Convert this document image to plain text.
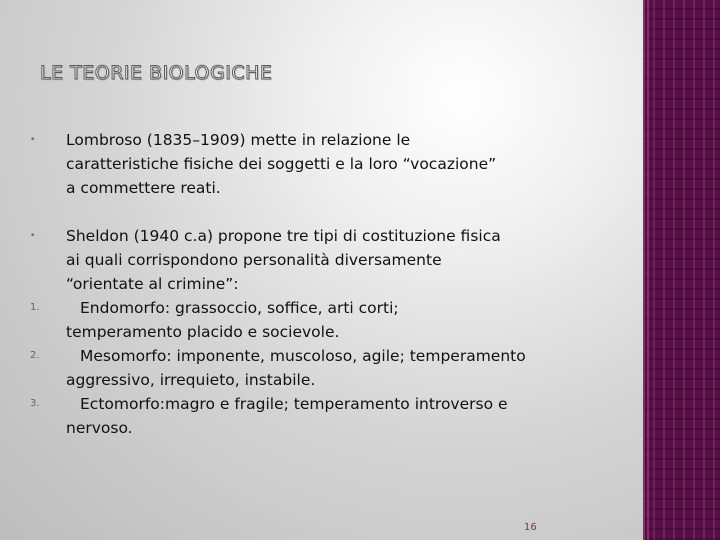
LE TEORIE BIOLOGICHE
•	Lombroso (1835–1909) mette in relazione le
caratteristiche fisiche dei soggetti e la loro “vocazione”
a commettere reati.
•	Sheldon (1940 c.a) propone tre tipi di costituzione fisica
ai quali corrispondono personalità diversamente
“orientate al crimine”:
1.	Endomorfo: grassoccio, soffice, arti corti;
temperamento placido e socievole.
2.	Mesomorfo: imponente, muscoloso, agile; temperamento
aggressivo, irrequieto, instabile.
3.	Ectomorfo:magro e fragile; temperamento introverso e
nervoso.
16
